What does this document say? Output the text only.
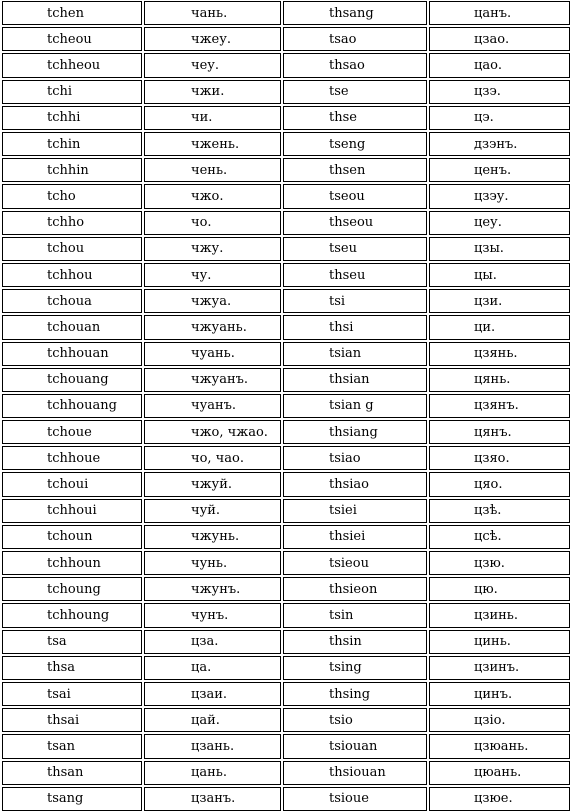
tchen	чань.	thsang	цанъ.
tcheou	чжеу.	tsao	цзао.
tchheou	чеу.	thsao	цао.
tchi	чжи.	tse	цзэ.
tchhi	чи.	thse	цэ.
tchin	чжень.	tseng	дзэнъ.
tchhin	чень.	thsen	ценъ.
tcho	чжо.	tseou	цзэу.
tchho	чо.	thseou	цеу.
tchou	чжу.	tseu	цзы.
tchhou	чу.	thseu	цы.
tchoua	чжуа.	tsi	цзи.
tchouan	чжуань.	thsi	ци.
tchhouan	чуань.	tsian	цзянь.
tchouang	чжуанъ.	thsian	цянь.
tchhouang	чуанъ.	tsian g	цзянъ.
tchoue	чжо, чжао.	thsiang	цянъ.
tchhoue	чо, чао.	tsiao	цзяо.
tchoui	чжуй.	thsiao	цяо.
tchhoui	чуй.	tsiei	цзѣ.
tchoun	чжунь.	thsiei	цсѣ.
tchhoun	чунь.	tsieou	цзю.
tchoung	чжунъ.	thsieon	цю.
tchhoung	чунъ.	tsin	цзинь.
tsa	цза.	thsin	цинь.
thsa	ца.	tsing	цзинъ.
tsai	цзаи.	thsing	цинъ.
thsai	цай.	tsio	цзіо.
tsan	цзань.	tsiouan	цзюань.
thsan	цань.	thsiouan	цюань.
tsang	цзанъ.	tsioue	цзюе.
